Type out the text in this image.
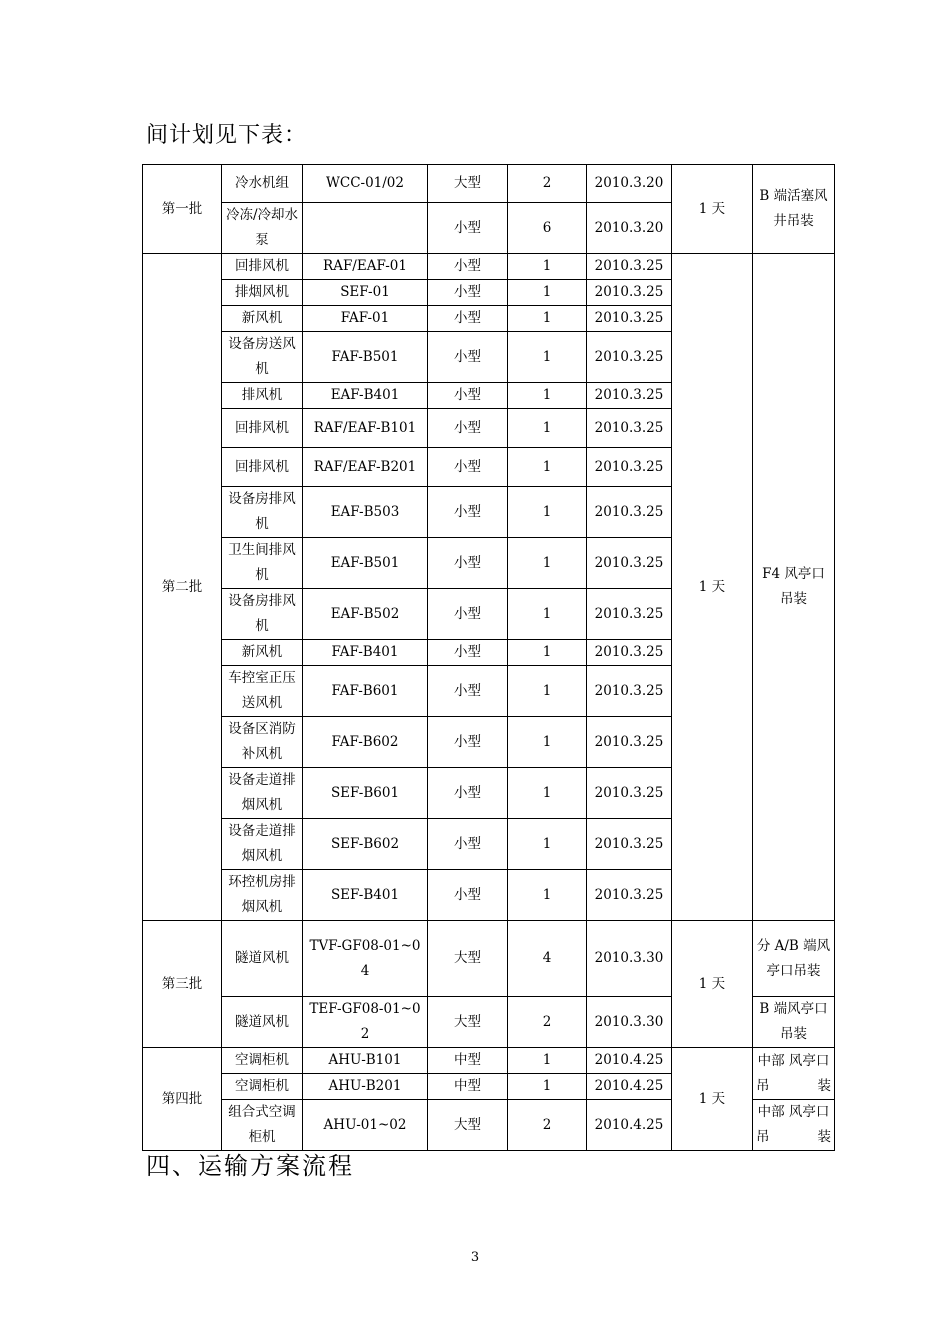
间计划见下表：
第一批	冷水机组	WCC-01/02	大型	2	2010.3.20	1 天	B 端活塞风井吊装
	冷冻/冷却水泵		小型	6	2010.3.20		
第二批	回排风机	RAF/EAF-01	小型	1	2010.3.25	1 天	F4 风亭口吊装
	排烟风机	SEF-01	小型	1	2010.3.25		
	新风机	FAF-01	小型	1	2010.3.25		
	设备房送风机	FAF-B501	小型	1	2010.3.25		
	排风机	EAF-B401	小型	1	2010.3.25		
	回排风机	RAF/EAF-B101	小型	1	2010.3.25		
	回排风机	RAF/EAF-B201	小型	1	2010.3.25		
	设备房排风机	EAF-B503	小型	1	2010.3.25		
	卫生间排风机	EAF-B501	小型	1	2010.3.25		
	设备房排风机	EAF-B502	小型	1	2010.3.25		
	新风机	FAF-B401	小型	1	2010.3.25		
	车控室正压送风机	FAF-B601	小型	1	2010.3.25		
	设备区消防补风机	FAF-B602	小型	1	2010.3.25		
	设备走道排烟风机	SEF-B601	小型	1	2010.3.25		
	设备走道排烟风机	SEF-B602	小型	1	2010.3.25		
	环控机房排烟风机	SEF-B401	小型	1	2010.3.25		
第三批	隧道风机	TVF-GF08-01~04	大型	4	2010.3.30	1 天	分 A/B 端风亭口吊装
	隧道风机	TEF-GF08-01~02	大型	2	2010.3.30		B 端风亭口吊装
第四批	空调柜机	AHU-B101	中型	1	2010.4.25	1 天	中部 风亭口吊装
	空调柜机	AHU-B201	中型	1	2010.4.25		
	组合式空调柜机	AHU-01~02	大型	2	2010.4.25		中部 风亭口吊装
四、运输方案流程
3
